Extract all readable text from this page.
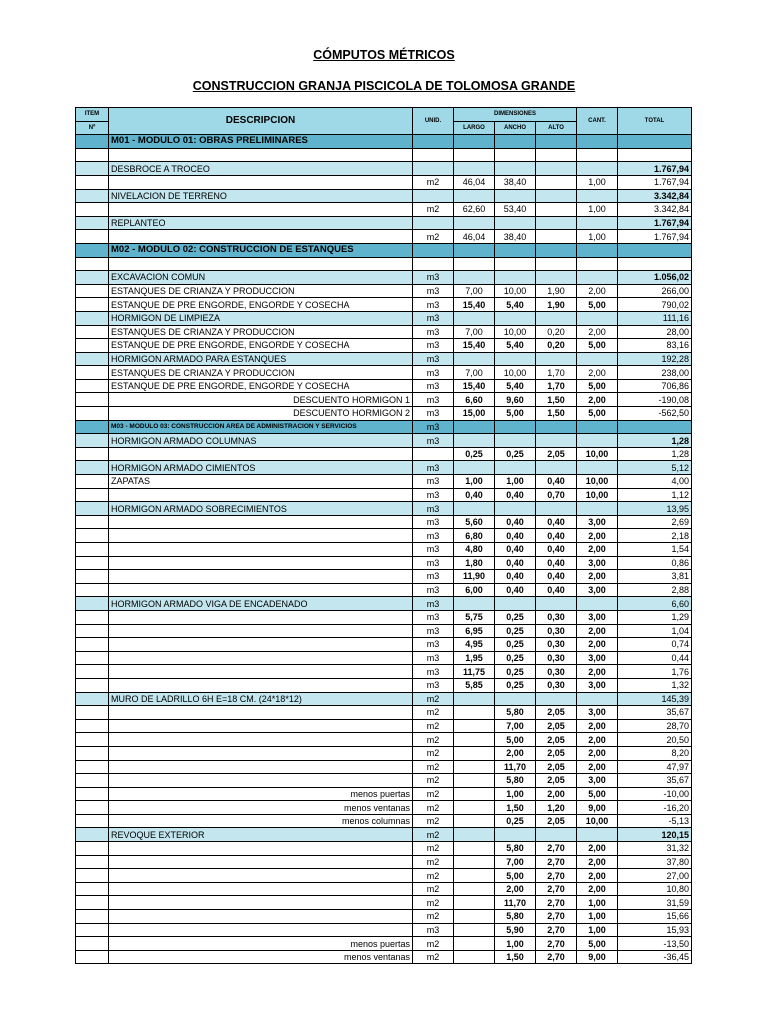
CÓMPUTOS MÉTRICOS
CONSTRUCCION GRANJA PISCICOLA DE TOLOMOSA GRANDE
ITEM	DESCRIPCION	UNID.	DIMENSIONES			CANT.	TOTAL
Nº			LARGO	ANCHO	ALTO		
	M01 - MODULO 01: OBRAS PRELIMINARES						

	DESBROCE A TROCEO						1.767,94
		m2	46,04	38,40		1,00	1.767,94
	NIVELACION DE TERRENO						3.342,84
		m2	62,60	53,40		1,00	3.342,84
	REPLANTEO						1.767,94
		m2	46,04	38,40		1,00	1.767,94
	M02 - MODULO 02: CONSTRUCCION DE ESTANQUES						

	EXCAVACION COMUN	m3					1.056,02
	ESTANQUES DE CRIANZA Y PRODUCCION	m3	7,00	10,00	1,90	2,00	266,00
	ESTANQUE DE PRE ENGORDE, ENGORDE Y COSECHA	m3	15,40	5,40	1,90	5,00	790,02
	HORMIGON DE LIMPIEZA	m3					111,16
	ESTANQUES DE CRIANZA Y PRODUCCION	m3	7,00	10,00	0,20	2,00	28,00
	ESTANQUE DE PRE ENGORDE, ENGORDE Y COSECHA	m3	15,40	5,40	0,20	5,00	83,16
	HORMIGON ARMADO PARA ESTANQUES	m3					192,28
	ESTANQUES DE CRIANZA Y PRODUCCION	m3	7,00	10,00	1,70	2,00	238,00
	ESTANQUE DE PRE ENGORDE, ENGORDE Y COSECHA	m3	15,40	5,40	1,70	5,00	706,86
	DESCUENTO HORMIGON 1	m3	6,60	9,60	1,50	2,00	-190,08
	DESCUENTO HORMIGON 2	m3	15,00	5,00	1,50	5,00	-562,50
	M03 - MODULO 03: CONSTRUCCION AREA DE ADMINISTRACION Y SERVICIOS	m3					
	HORMIGON ARMADO COLUMNAS	m3					1,28
			0,25	0,25	2,05	10,00	1,28
	HORMIGON ARMADO CIMIENTOS	m3					5,12
	ZAPATAS	m3	1,00	1,00	0,40	10,00	4,00
		m3	0,40	0,40	0,70	10,00	1,12
	HORMIGON ARMADO SOBRECIMIENTOS	m3					13,95
		m3	5,60	0,40	0,40	3,00	2,69
		m3	6,80	0,40	0,40	2,00	2,18
		m3	4,80	0,40	0,40	2,00	1,54
		m3	1,80	0,40	0,40	3,00	0,86
		m3	11,90	0,40	0,40	2,00	3,81
		m3	6,00	0,40	0,40	3,00	2,88
	HORMIGON ARMADO VIGA DE ENCADENADO	m3					6,60
		m3	5,75	0,25	0,30	3,00	1,29
		m3	6,95	0,25	0,30	2,00	1,04
		m3	4,95	0,25	0,30	2,00	0,74
		m3	1,95	0,25	0,30	3,00	0,44
		m3	11,75	0,25	0,30	2,00	1,76
		m3	5,85	0,25	0,30	3,00	1,32
	MURO DE LADRILLO 6H E=18 CM. (24*18*12)	m2					145,39
		m2		5,80	2,05	3,00	35,67
		m2		7,00	2,05	2,00	28,70
		m2		5,00	2,05	2,00	20,50
		m2		2,00	2,05	2,00	8,20
		m2		11,70	2,05	2,00	47,97
		m2		5,80	2,05	3,00	35,67
	menos puertas	m2		1,00	2,00	5,00	-10,00
	menos ventanas	m2		1,50	1,20	9,00	-16,20
	menos columnas	m2		0,25	2,05	10,00	-5,13
	REVOQUE EXTERIOR	m2					120,15
		m2		5,80	2,70	2,00	31,32
		m2		7,00	2,70	2,00	37,80
		m2		5,00	2,70	2,00	27,00
		m2		2,00	2,70	2,00	10,80
		m2		11,70	2,70	1,00	31,59
		m2		5,80	2,70	1,00	15,66
		m3		5,90	2,70	1,00	15,93
	menos puertas	m2		1,00	2,70	5,00	-13,50
	menos ventanas	m2		1,50	2,70	9,00	-36,45
